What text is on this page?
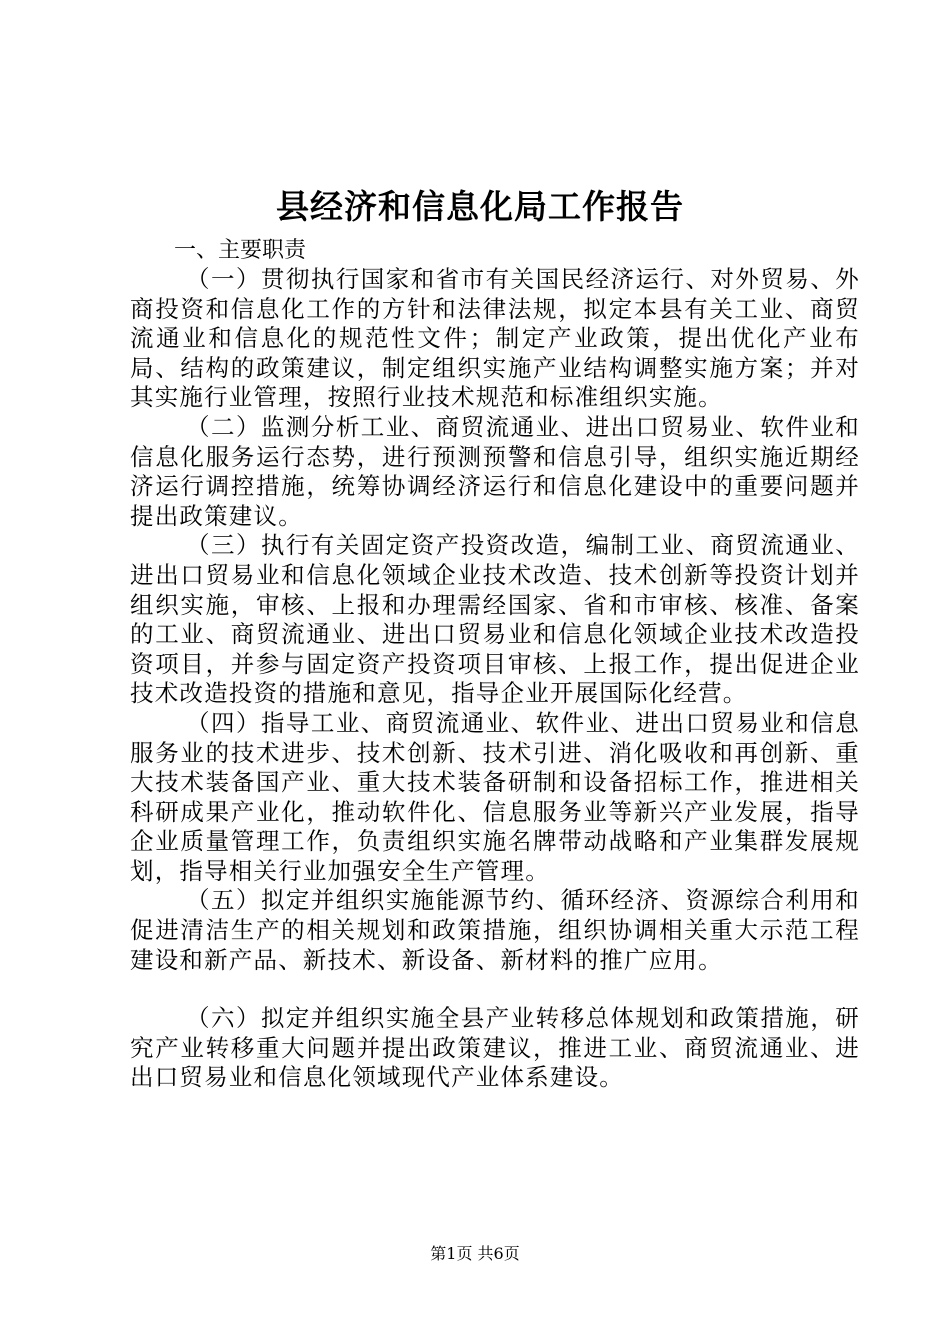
县经济和信息化局工作报告

一、主要职责

（一）贯彻执行国家和省市有关国民经济运行、对外贸易、外商投资和信息化工作的方针和法律法规，拟定本县有关工业、商贸流通业和信息化的规范性文件；制定产业政策，提出优化产业布局、结构的政策建议，制定组织实施产业结构调整实施方案；并对其实施行业管理，按照行业技术规范和标准组织实施。

（二）监测分析工业、商贸流通业、进出口贸易业、软件业和信息化服务运行态势，进行预测预警和信息引导，组织实施近期经济运行调控措施，统筹协调经济运行和信息化建设中的重要问题并提出政策建议。

（三）执行有关固定资产投资改造，编制工业、商贸流通业、进出口贸易业和信息化领域企业技术改造、技术创新等投资计划并组织实施，审核、上报和办理需经国家、省和市审核、核准、备案的工业、商贸流通业、进出口贸易业和信息化领域企业技术改造投资项目，并参与固定资产投资项目审核、上报工作，提出促进企业技术改造投资的措施和意见，指导企业开展国际化经营。

（四）指导工业、商贸流通业、软件业、进出口贸易业和信息服务业的技术进步、技术创新、技术引进、消化吸收和再创新、重大技术装备国产业、重大技术装备研制和设备招标工作，推进相关科研成果产业化，推动软件化、信息服务业等新兴产业发展，指导企业质量管理工作，负责组织实施名牌带动战略和产业集群发展规划，指导相关行业加强安全生产管理。

（五）拟定并组织实施能源节约、循环经济、资源综合利用和促进清洁生产的相关规划和政策措施，组织协调相关重大示范工程建设和新产品、新技术、新设备、新材料的推广应用。

（六）拟定并组织实施全县产业转移总体规划和政策措施，研究产业转移重大问题并提出政策建议，推进工业、商贸流通业、进出口贸易业和信息化领域现代产业体系建设。

第1页 共6页
